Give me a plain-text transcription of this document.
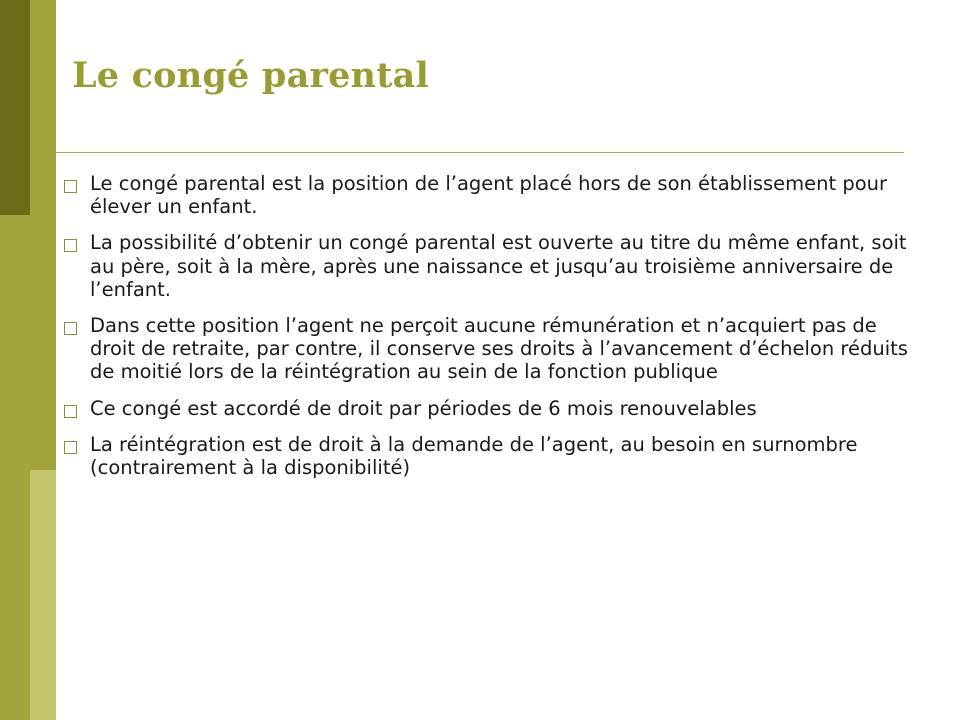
Le congé parental
Le congé parental est la position de l’agent placé hors de son établissement pour élever un enfant.
La possibilité d’obtenir un congé parental est ouverte au titre du même enfant, soit au père, soit à la mère, après une naissance et jusqu’au troisième anniversaire de l’enfant.
Dans cette position l’agent ne perçoit aucune rémunération et n’acquiert pas de droit de retraite, par contre, il conserve ses droits à l’avancement d’échelon réduits de moitié lors de la réintégration au sein de la fonction publique
Ce congé est accordé de droit par périodes de 6 mois renouvelables
La réintégration est de droit à la demande de l’agent, au besoin en surnombre (contrairement à la disponibilité)
